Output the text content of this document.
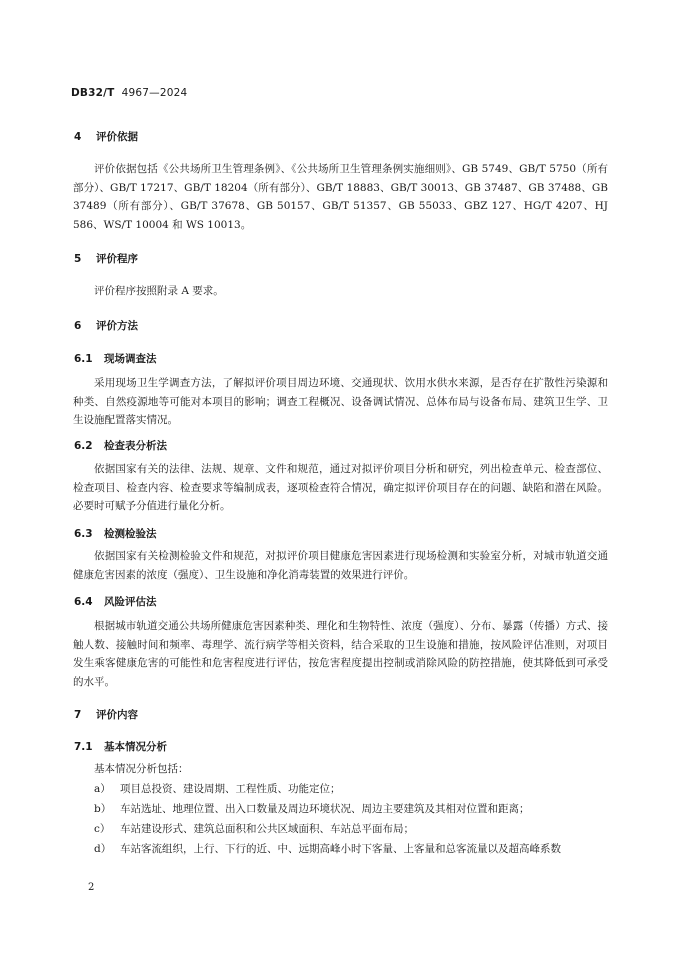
DB32/T 4967—2024
4 评价依据
评价依据包括《公共场所卫生管理条例》、《公共场所卫生管理条例实施细则》、GB 5749、GB/T 5750（所有部分）、GB/T 17217、GB/T 18204（所有部分）、GB/T 18883、GB/T 30013、GB 37487、GB 37488、GB 37489（所有部分）、GB/T 37678、GB 50157、GB/T 51357、GB 55033、GBZ 127、HG/T 4207、HJ 586、WS/T 10004 和 WS 10013。
5 评价程序
评价程序按照附录 A 要求。
6 评价方法
6.1 现场调查法
采用现场卫生学调查方法，了解拟评价项目周边环境、交通现状、饮用水供水来源，是否存在扩散性污染源和种类、自然疫源地等可能对本项目的影响；调查工程概况、设备调试情况、总体布局与设备布局、建筑卫生学、卫生设施配置落实情况。
6.2 检查表分析法
依据国家有关的法律、法规、规章、文件和规范，通过对拟评价项目分析和研究，列出检查单元、检查部位、检查项目、检查内容、检查要求等编制成表，逐项检查符合情况，确定拟评价项目存在的问题、缺陷和潜在风险。必要时可赋予分值进行量化分析。
6.3 检测检验法
依据国家有关检测检验文件和规范，对拟评价项目健康危害因素进行现场检测和实验室分析，对城市轨道交通健康危害因素的浓度（强度）、卫生设施和净化消毒装置的效果进行评价。
6.4 风险评估法
根据城市轨道交通公共场所健康危害因素种类、理化和生物特性、浓度（强度）、分布、暴露（传播）方式、接触人数、接触时间和频率、毒理学、流行病学等相关资料，结合采取的卫生设施和措施，按风险评估准则，对项目发生乘客健康危害的可能性和危害程度进行评估，按危害程度提出控制或消除风险的防控措施，使其降低到可承受的水平。
7 评价内容
7.1 基本情况分析
基本情况分析包括：
a） 项目总投资、建设周期、工程性质、功能定位；
b） 车站选址、地理位置、出入口数量及周边环境状况、周边主要建筑及其相对位置和距离；
c） 车站建设形式、建筑总面积和公共区域面积、车站总平面布局；
d） 车站客流组织，上行、下行的近、中、远期高峰小时下客量、上客量和总客流量以及超高峰系数
2
